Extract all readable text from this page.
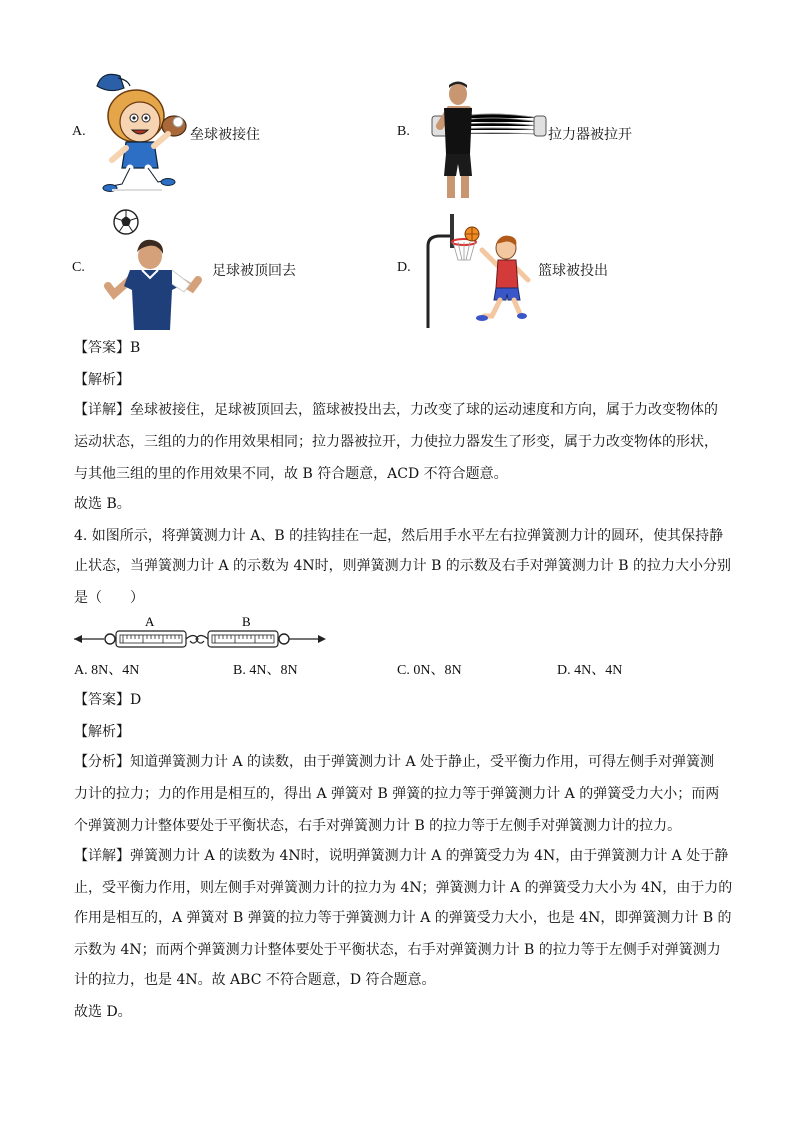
A.	垒球被接住	B.	拉力器被拉开
C.	足球被顶回去	D.	篮球被投出
【答案】B
【解析】
【详解】垒球被接住，足球被顶回去，篮球被投出去，力改变了球的运动速度和方向，属于力改变物体的
运动状态，三组的力的作用效果相同；拉力器被拉开，力使拉力器发生了形变，属于力改变物体的形状，
与其他三组的里的作用效果不同，故 B 符合题意，ACD 不符合题意。
故选 B。
4. 如图所示，将弹簧测力计 A、B 的挂钩挂在一起，然后用手水平左右拉弹簧测力计的圆环，使其保持静
止状态，当弹簧测力计 A 的示数为 4N时，则弹簧测力计 B 的示数及右手对弹簧测力计 B 的拉力大小分别
是（　　）
A	B
A. 8N、4N	B. 4N、8N	C. 0N、8N	D. 4N、4N
【答案】D
【解析】
【分析】知道弹簧测力计 A 的读数，由于弹簧测力计 A 处于静止，受平衡力作用，可得左侧手对弹簧测
力计的拉力；力的作用是相互的，得出 A 弹簧对 B 弹簧的拉力等于弹簧测力计 A 的弹簧受力大小；而两
个弹簧测力计整体要处于平衡状态，右手对弹簧测力计 B 的拉力等于左侧手对弹簧测力计的拉力。
【详解】弹簧测力计 A 的读数为 4N时，说明弹簧测力计 A 的弹簧受力为 4N，由于弹簧测力计 A 处于静
止，受平衡力作用，则左侧手对弹簧测力计的拉力为 4N；弹簧测力计 A 的弹簧受力大小为 4N，由于力的
作用是相互的，A 弹簧对 B 弹簧的拉力等于弹簧测力计 A 的弹簧受力大小，也是 4N，即弹簧测力计 B 的
示数为 4N；而两个弹簧测力计整体要处于平衡状态，右手对弹簧测力计 B 的拉力等于左侧手对弹簧测力
计的拉力，也是 4N。故 ABC 不符合题意，D 符合题意。
故选 D。
